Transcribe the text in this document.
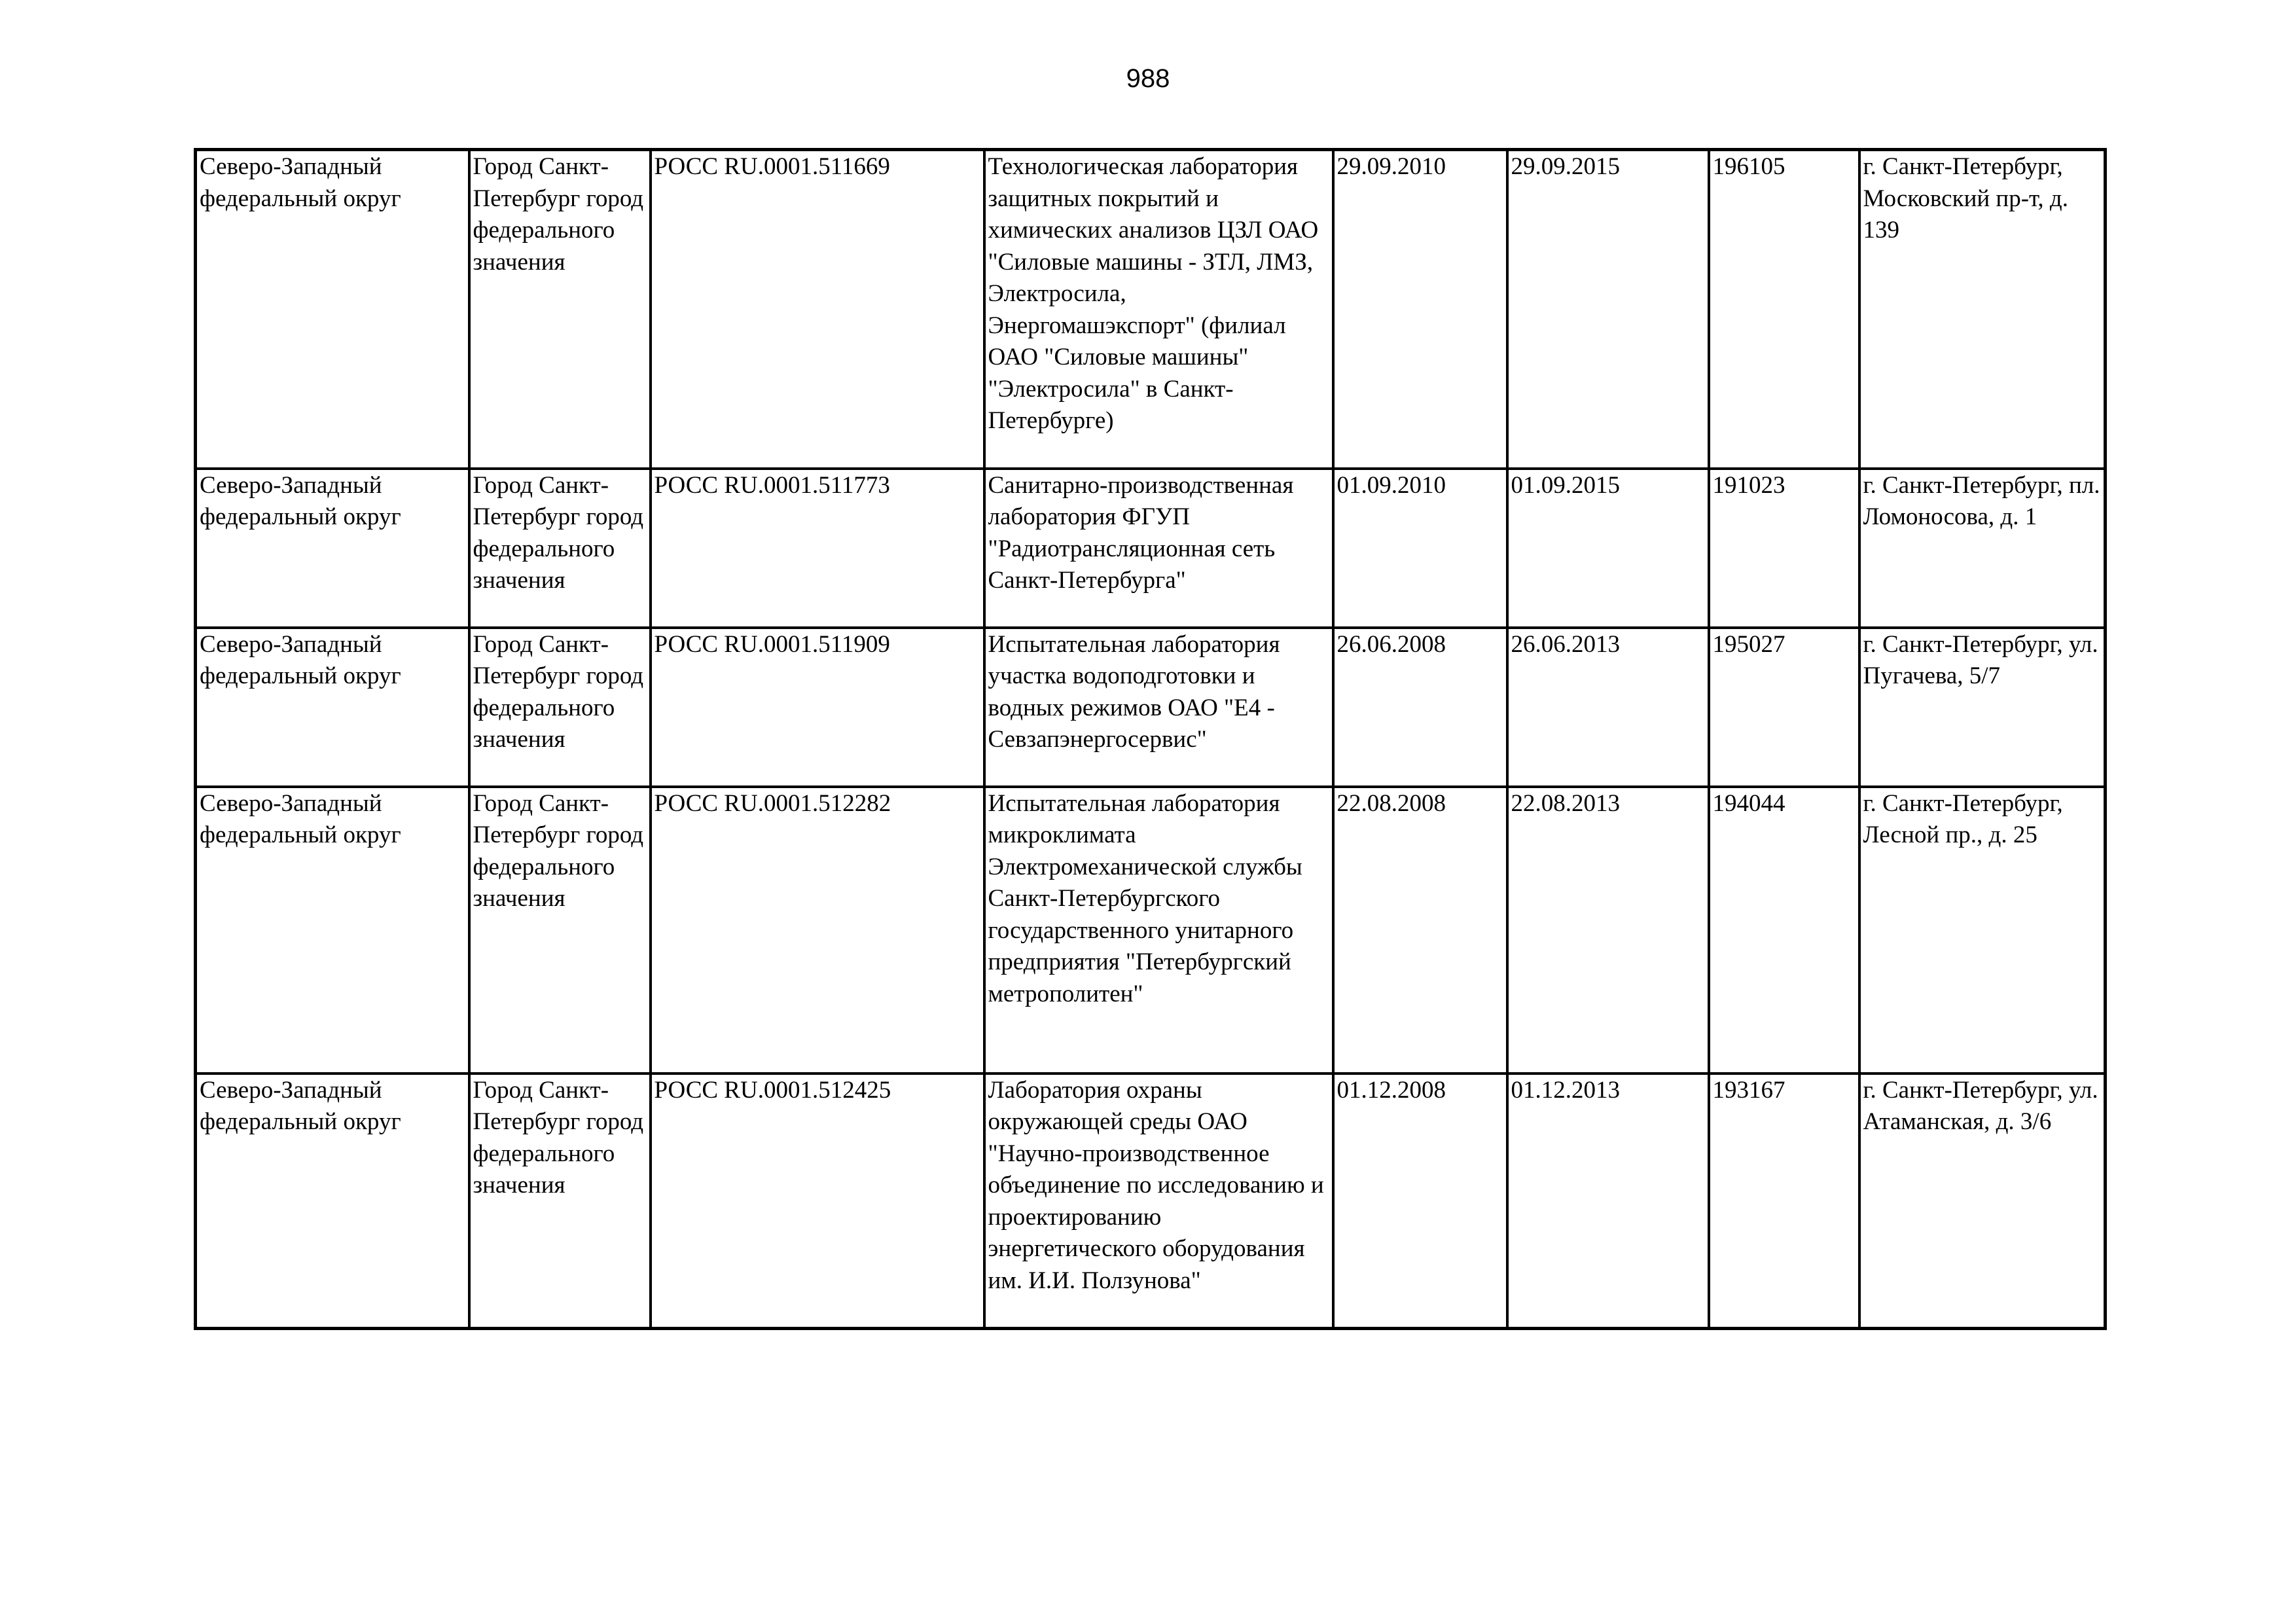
988
Северо-Западный федеральный округ	Город Санкт-Петербург город федерального значения	РОСС RU.0001.511669	Технологическая лаборатория защитных покрытий и химических анализов ЦЗЛ ОАО "Силовые машины - ЗТЛ, ЛМЗ, Электросила, Энергомашэкспорт" (филиал ОАО "Силовые машины" "Электросила" в Санкт-Петербурге)	29.09.2010	29.09.2015	196105	г. Санкт-Петербург, Московский пр-т, д. 139

Северо-Западный федеральный округ	Город Санкт-Петербург город федерального значения	РОСС RU.0001.511773	Санитарно-производственная лаборатория ФГУП "Радиотрансляционная сеть Санкт-Петербурга"	01.09.2010	01.09.2015	191023	г. Санкт-Петербург, пл. Ломоносова, д. 1

Северо-Западный федеральный округ	Город Санкт-Петербург город федерального значения	РОСС RU.0001.511909	Испытательная лаборатория участка водоподготовки и водных режимов ОАО "Е4 - Севзапэнергосервис"	26.06.2008	26.06.2013	195027	г. Санкт-Петербург, ул. Пугачева, 5/7

Северо-Западный федеральный округ	Город Санкт-Петербург город федерального значения	РОСС RU.0001.512282	Испытательная лаборатория микроклимата Электромеханической службы Санкт-Петербургского государственного унитарного предприятия "Петербургский метрополитен"	22.08.2008	22.08.2013	194044	г. Санкт-Петербург, Лесной пр., д. 25

Северо-Западный федеральный округ	Город Санкт-Петербург город федерального значения	РОСС RU.0001.512425	Лаборатория охраны окружающей среды ОАО "Научно-производственное объединение по исследованию и проектированию энергетического оборудования им. И.И. Ползунова"	01.12.2008	01.12.2013	193167	г. Санкт-Петербург, ул. Атаманская, д. 3/6
